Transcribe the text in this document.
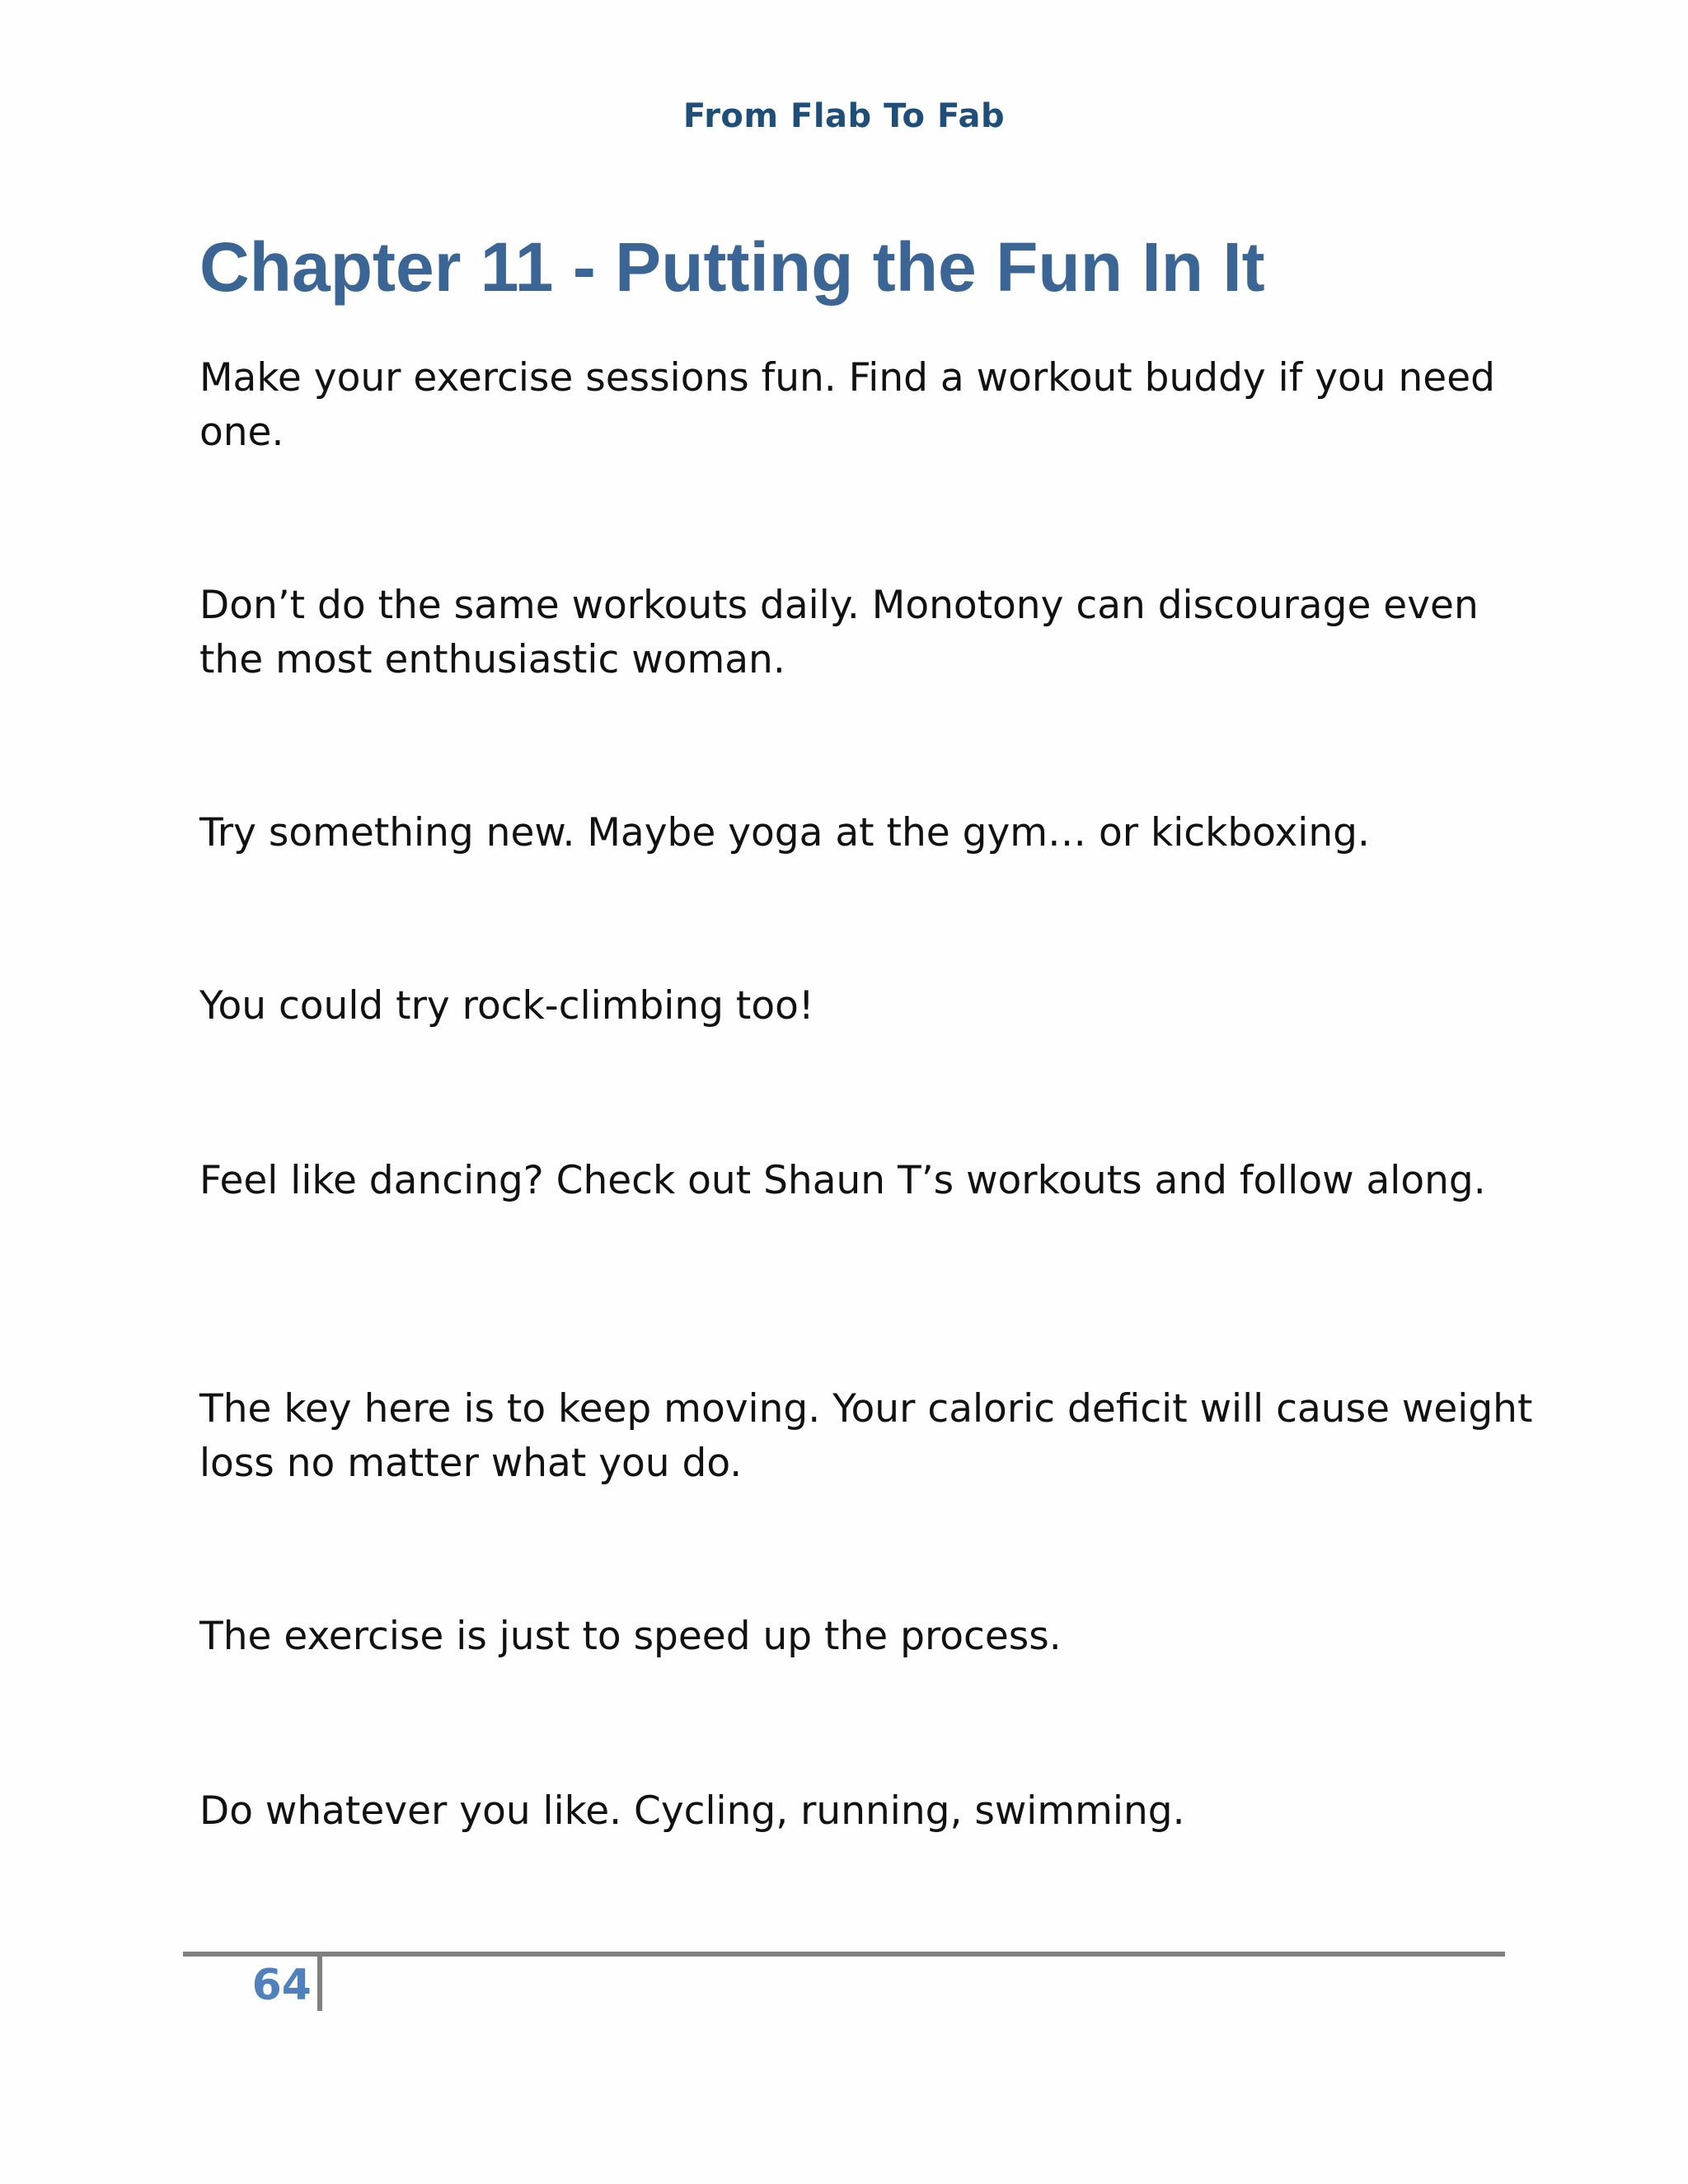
From Flab To Fab
Chapter 11 - Putting the Fun In It

Make your exercise sessions fun. Find a workout buddy if you need one.

Don’t do the same workouts daily. Monotony can discourage even the most enthusiastic woman.

Try something new. Maybe yoga at the gym… or kickboxing.

You could try rock-climbing too!

Feel like dancing? Check out Shaun T’s workouts and follow along.

The key here is to keep moving. Your caloric deficit will cause weight loss no matter what you do.

The exercise is just to speed up the process.

Do whatever you like. Cycling, running, swimming.

64
